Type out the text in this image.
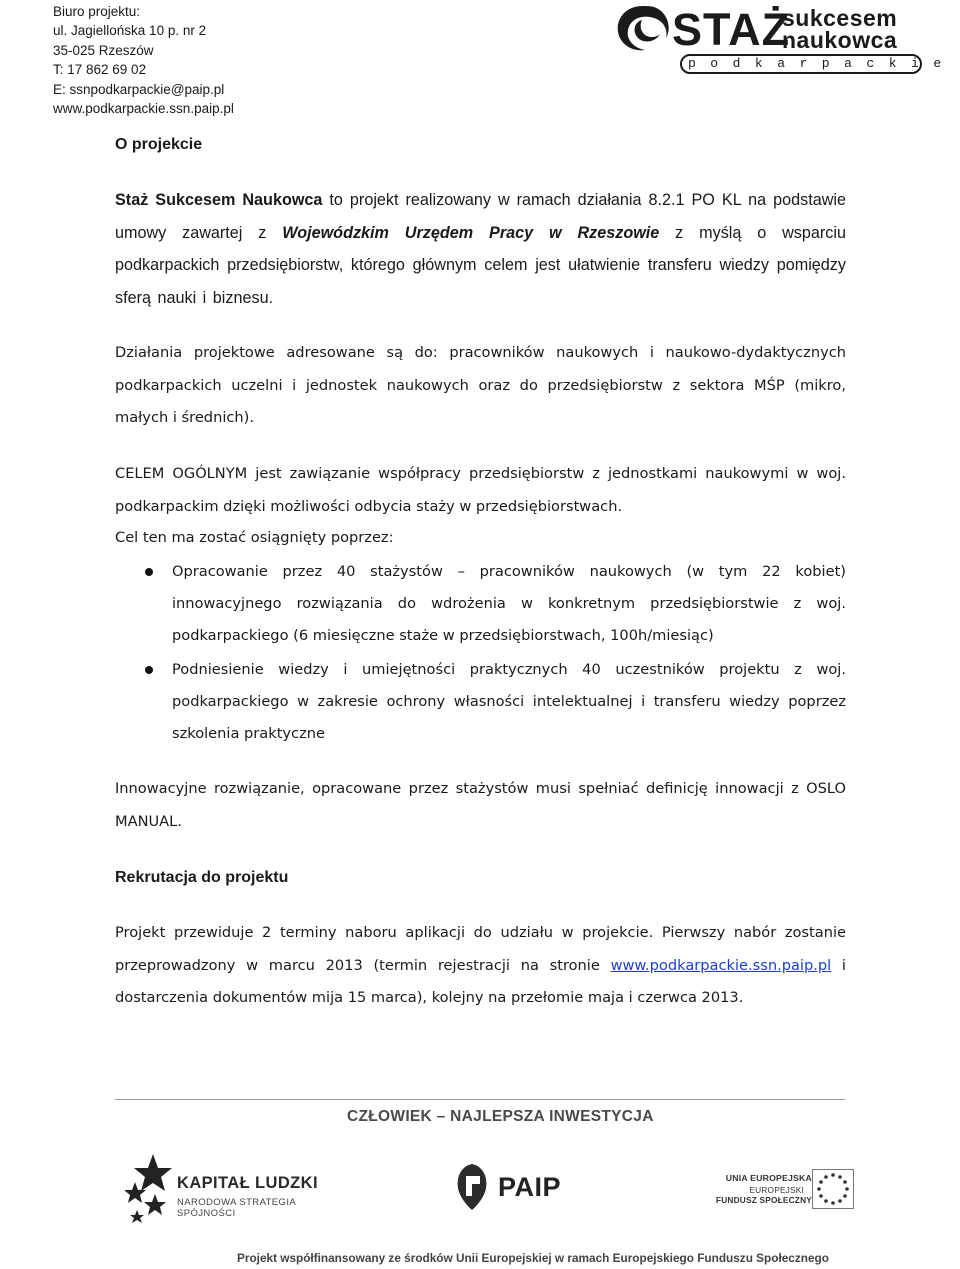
Biuro projektu:
ul. Jagiellońska 10 p. nr 2
35-025 Rzeszów
T: 17 862 69 02
E: ssnpodkarpackie@paip.pl
www.podkarpackie.ssn.paip.pl
STAŻ
sukcesem
naukowca
podkarpackie
O projekcie
Staż Sukcesem Naukowca to projekt realizowany w ramach działania 8.2.1 PO KL na podstawie umowy zawartej z Wojewódzkim Urzędem Pracy w Rzeszowie z myślą o wsparciu podkarpackich przedsiębiorstw, którego głównym celem jest ułatwienie transferu wiedzy pomiędzy sferą nauki i biznesu.
Działania projektowe adresowane są do: pracowników naukowych i naukowo-dydaktycznych podkarpackich uczelni i jednostek naukowych oraz do przedsiębiorstw z sektora MŚP (mikro, małych i średnich).
CELEM OGÓLNYM jest zawiązanie współpracy przedsiębiorstw z jednostkami naukowymi w woj. podkarpackim dzięki możliwości odbycia staży w przedsiębiorstwach.
Cel ten ma zostać osiągnięty poprzez:
Opracowanie przez 40 stażystów – pracowników naukowych (w tym 22 kobiet)
innowacyjnego rozwiązania do wdrożenia w konkretnym przedsiębiorstwie z woj.
podkarpackiego (6 miesięczne staże w przedsiębiorstwach, 100h/miesiąc)
Podniesienie wiedzy i umiejętności praktycznych 40 uczestników projektu z woj.
podkarpackiego w zakresie ochrony własności intelektualnej i transferu wiedzy poprzez
szkolenia praktyczne
Innowacyjne rozwiązanie, opracowane przez stażystów musi spełniać definicję innowacji z OSLO MANUAL.
Rekrutacja do projektu
Projekt przewiduje 2 terminy naboru aplikacji do udziału w projekcie. Pierwszy nabór zostanie przeprowadzony w marcu 2013 (termin rejestracji na stronie www.podkarpackie.ssn.paip.pl i dostarczenia dokumentów mija 15 marca), kolejny na przełomie maja i czerwca 2013.
CZŁOWIEK – NAJLEPSZA INWESTYCJA
KAPITAŁ LUDZKI
NARODOWA STRATEGIA SPÓJNOŚCI
PAIP	UNIA EUROPEJSKA
EUROPEJSKI
FUNDUSZ SPOŁECZNY
Projekt współfinansowany ze środków Unii Europejskiej w ramach Europejskiego Funduszu Społecznego
